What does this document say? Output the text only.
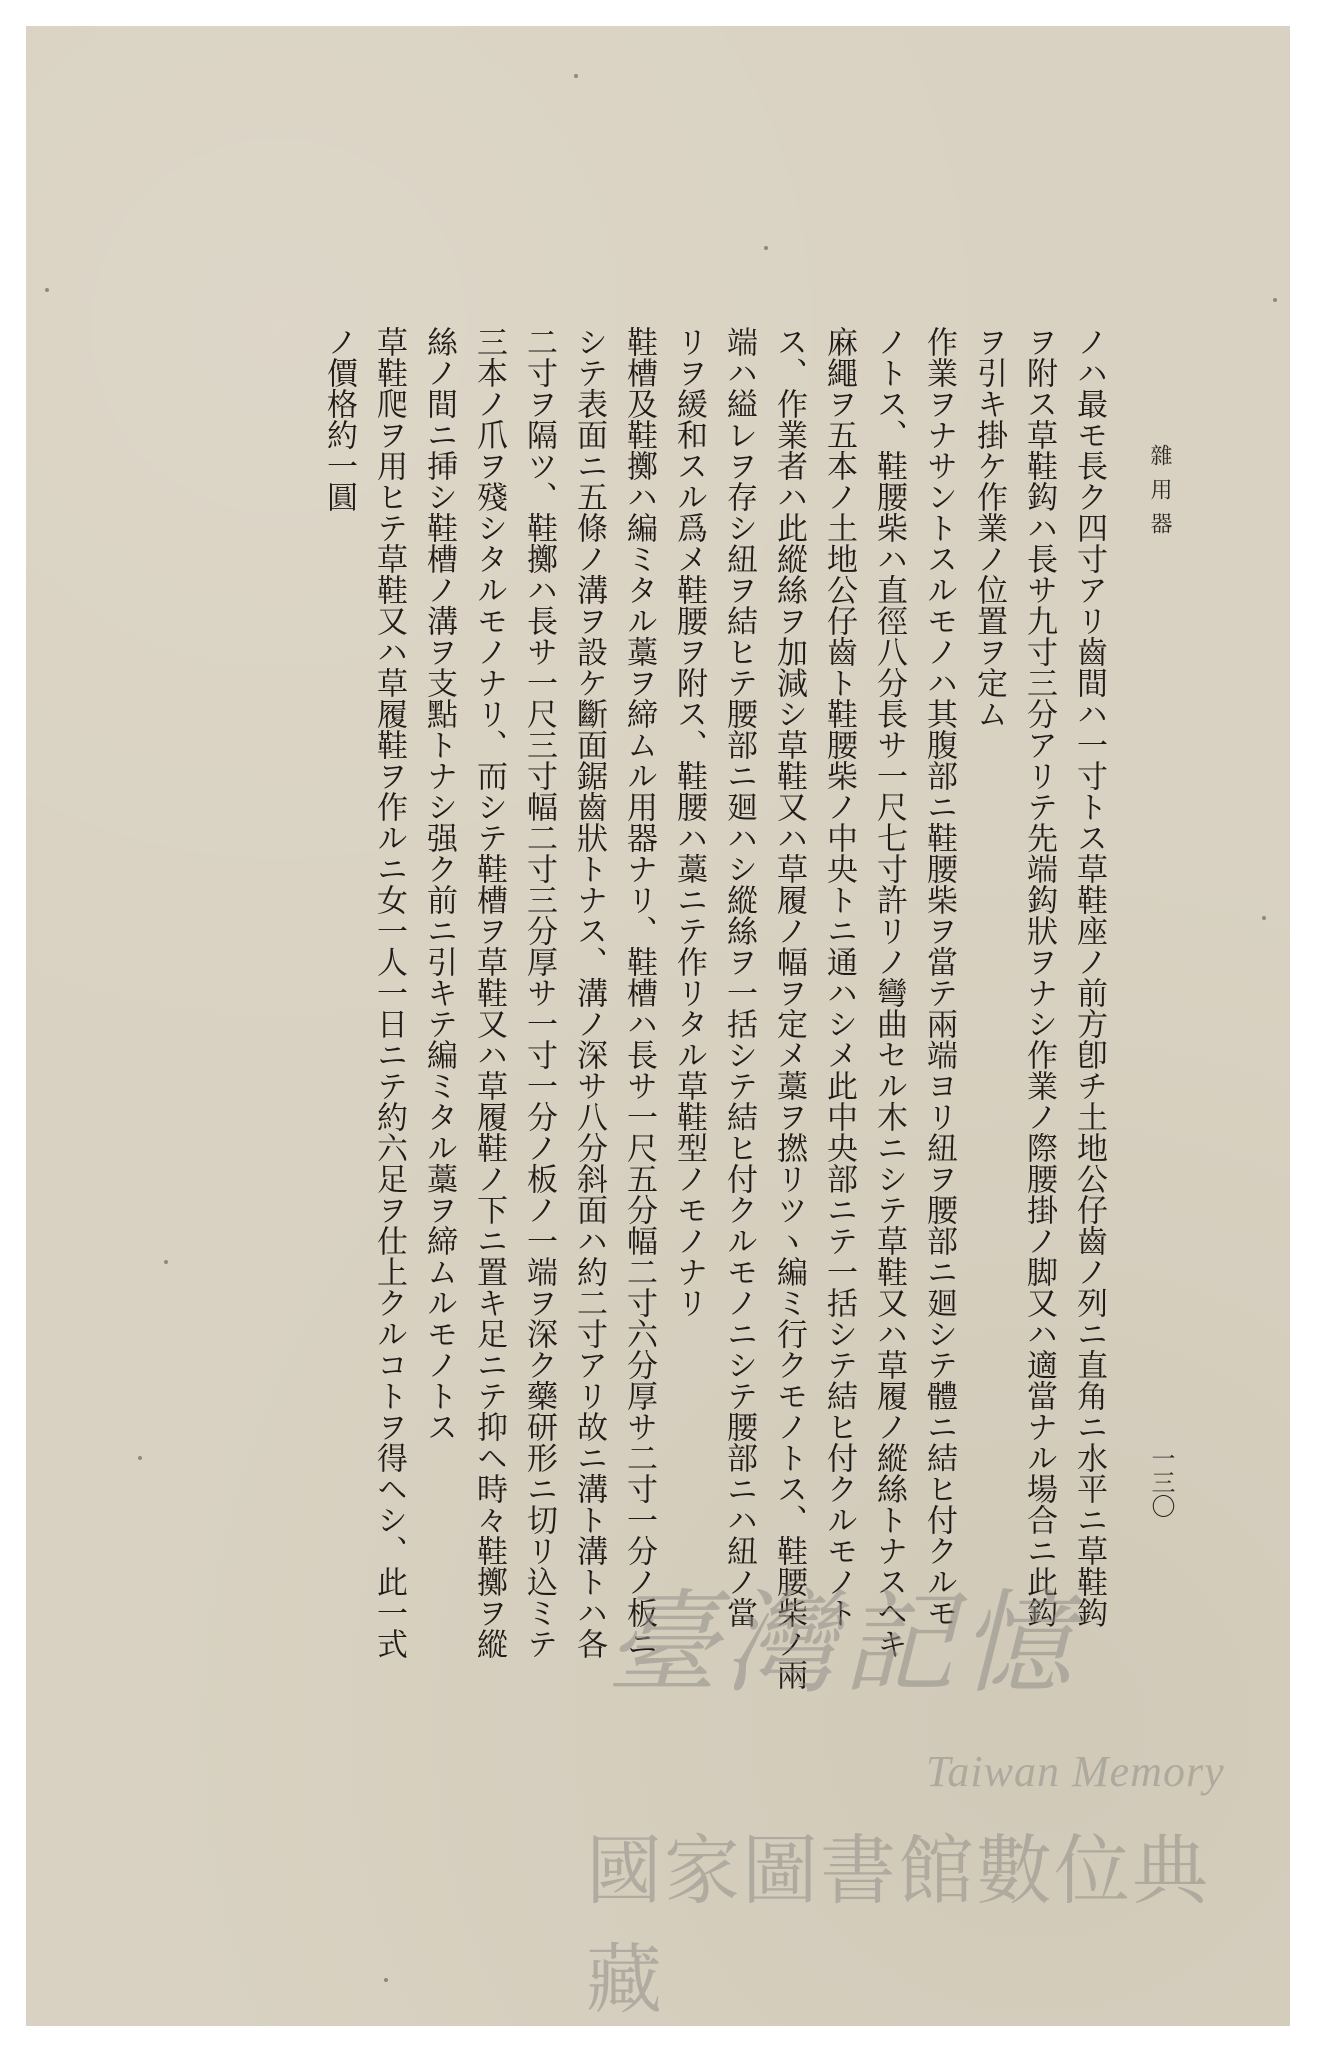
雜用器
一三〇
ノハ最モ長ク四寸アリ齒間ハ一寸トス草鞋座ノ前方卽チ土地公仔齒ノ列ニ直角ニ水平ニ草鞋鈎
ヲ附ス草鞋鈎ハ長サ九寸三分アリテ先端鈎狀ヲナシ作業ノ際腰掛ノ脚又ハ適當ナル場合ニ此鈎
ヲ引キ掛ケ作業ノ位置ヲ定ム
作業ヲナサントスルモノハ其腹部ニ鞋腰柴ヲ當テ兩端ヨリ紐ヲ腰部ニ廻シテ體ニ結ヒ付クルモ
ノトス、鞋腰柴ハ直徑八分長サ一尺七寸許リノ彎曲セル木ニシテ草鞋又ハ草履ノ縱絲トナスヘキ
麻繩ヲ五本ノ土地公仔齒ト鞋腰柴ノ中央トニ通ハシメ此中央部ニテ一括シテ結ヒ付クルモノト
ス、作業者ハ此縱絲ヲ加減シ草鞋又ハ草履ノ幅ヲ定メ藁ヲ撚リツヽ編ミ行クモノトス、鞋腰柴ノ兩
端ハ縊レヲ存シ紐ヲ結ヒテ腰部ニ廻ハシ縱絲ヲ一括シテ結ヒ付クルモノニシテ腰部ニハ紐ノ當
リヲ緩和スル爲メ鞋腰ヲ附ス、鞋腰ハ藁ニテ作リタル草鞋型ノモノナリ
鞋槽及鞋擲ハ編ミタル藁ヲ締ムル用器ナリ、鞋槽ハ長サ一尺五分幅二寸六分厚サ二寸一分ノ板ニ
シテ表面ニ五條ノ溝ヲ設ケ斷面鋸齒狀トナス、溝ノ深サ八分斜面ハ約二寸アリ故ニ溝ト溝トハ各
二寸ヲ隔ツ、鞋擲ハ長サ一尺三寸幅二寸三分厚サ一寸一分ノ板ノ一端ヲ深ク藥研形ニ切リ込ミテ
三本ノ爪ヲ殘シタルモノナリ、而シテ鞋槽ヲ草鞋又ハ草履鞋ノ下ニ置キ足ニテ抑ヘ時々鞋擲ヲ縱
絲ノ間ニ挿シ鞋槽ノ溝ヲ支點トナシ强ク前ニ引キテ編ミタル藁ヲ締ムルモノトス
草鞋爬ヲ用ヒテ草鞋又ハ草履鞋ヲ作ルニ女一人一日ニテ約六足ヲ仕上クルコトヲ得ヘシ、此一式
ノ價格約一圓
臺灣記憶
Taiwan Memory
國家圖書館數位典藏
